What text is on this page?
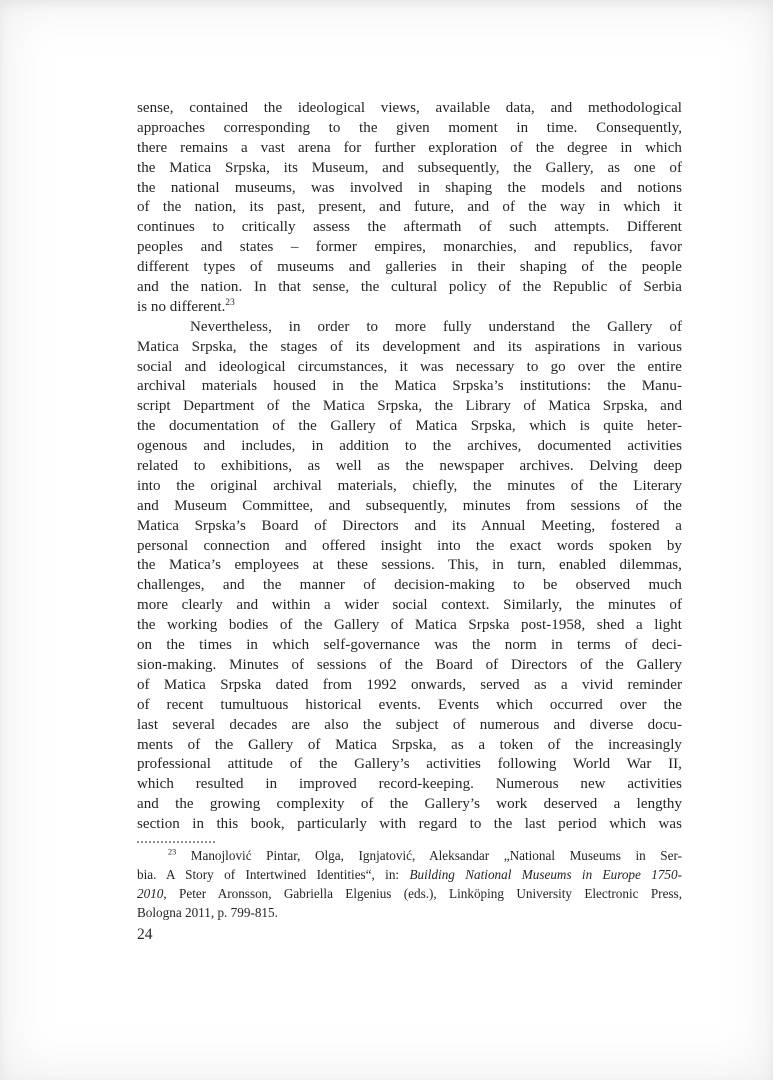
sense, contained the ideological views, available data, and methodological
approaches corresponding to the given moment in time. Consequently,
there remains a vast arena for further exploration of the degree in which
the Matica Srpska, its Museum, and subsequently, the Gallery, as one of
the national museums, was involved in shaping the models and notions
of the nation, its past, present, and future, and of the way in which it
continues to critically assess the aftermath of such attempts. Different
peoples and states – former empires, monarchies, and republics, favor
different types of museums and galleries in their shaping of the people
and the nation. In that sense, the cultural policy of the Republic of Serbia
is no different.$^{23}$
Nevertheless, in order to more fully understand the Gallery of
Matica Srpska, the stages of its development and its aspirations in various
social and ideological circumstances, it was necessary to go over the entire
archival materials housed in the Matica Srpska’s institutions: the Manu-
script Department of the Matica Srpska, the Library of Matica Srpska, and
the documentation of the Gallery of Matica Srpska, which is quite heter-
ogenous and includes, in addition to the archives, documented activities
related to exhibitions, as well as the newspaper archives. Delving deep
into the original archival materials, chiefly, the minutes of the Literary
and Museum Committee, and subsequently, minutes from sessions of the
Matica Srpska’s Board of Directors and its Annual Meeting, fostered a
personal connection and offered insight into the exact words spoken by
the Matica’s employees at these sessions. This, in turn, enabled dilemmas,
challenges, and the manner of decision-making to be observed much
more clearly and within a wider social context. Similarly, the minutes of
the working bodies of the Gallery of Matica Srpska post-1958, shed a light
on the times in which self-governance was the norm in terms of deci-
sion-making. Minutes of sessions of the Board of Directors of the Gallery
of Matica Srpska dated from 1992 onwards, served as a vivid reminder
of recent tumultuous historical events. Events which occurred over the
last several decades are also the subject of numerous and diverse docu-
ments of the Gallery of Matica Srpska, as a token of the increasingly
professional attitude of the Gallery’s activities following World War II,
which resulted in improved record-keeping. Numerous new activities
and the growing complexity of the Gallery’s work deserved a lengthy
section in this book, particularly with regard to the last period which was
$^{23}$ Manojlović Pintar, Olga, Ignjatović, Aleksandar „National Museums in Ser-
bia. A Story of Intertwined Identities“, in: Building National Museums in Europe 1750-
2010, Peter Aronsson, Gabriella Elgenius (eds.), Linköping University Electronic Press,
Bologna 2011, p. 799-815.
24
